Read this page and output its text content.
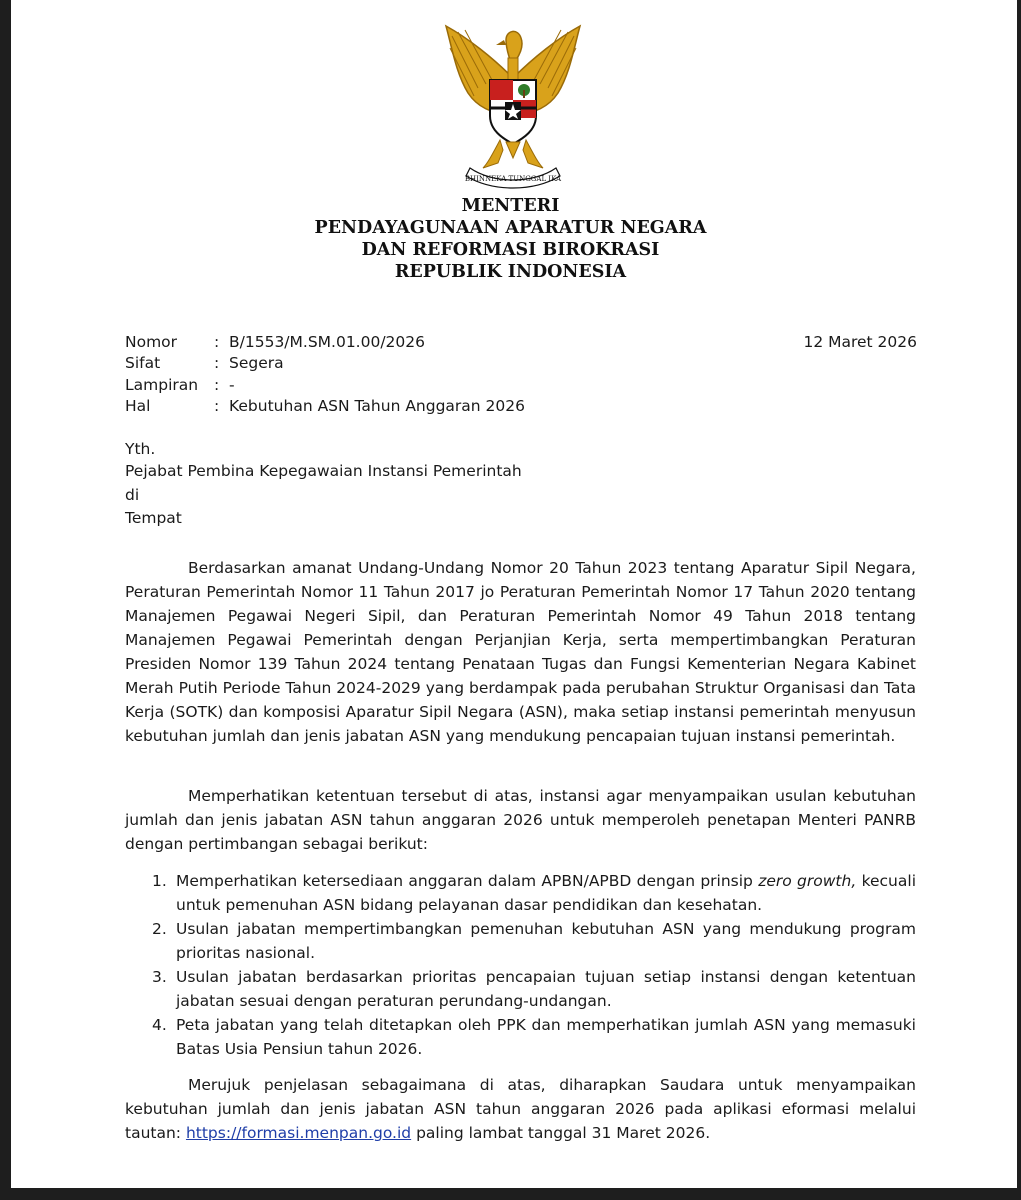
BHINNEKA TUNGGAL IKA
MENTERI
PENDAYAGUNAAN APARATUR NEGARA
DAN REFORMASI BIROKRASI
REPUBLIK INDONESIA
Nomor : B/1553/M.SM.01.00/2026
Sifat	: Segera
Lampiran : -
Hal	: Kebutuhan ASN Tahun Anggaran 2026
12 Maret 2026
Yth.
Pejabat Pembina Kepegawaian Instansi Pemerintah
di
Tempat

Berdasarkan amanat Undang-Undang Nomor 20 Tahun 2023 tentang Aparatur Sipil Negara, Peraturan Pemerintah Nomor 11 Tahun 2017 jo Peraturan Pemerintah Nomor 17 Tahun 2020 tentang Manajemen Pegawai Negeri Sipil, dan Peraturan Pemerintah Nomor 49 Tahun 2018 tentang Manajemen Pegawai Pemerintah dengan Perjanjian Kerja, serta mempertimbangkan Peraturan Presiden Nomor 139 Tahun 2024 tentang Penataan Tugas dan Fungsi Kementerian Negara Kabinet Merah Putih Periode Tahun 2024-2029 yang berdampak pada perubahan Struktur Organisasi dan Tata Kerja (SOTK) dan komposisi Aparatur Sipil Negara (ASN), maka setiap instansi pemerintah menyusun kebutuhan jumlah dan jenis jabatan ASN yang mendukung pencapaian tujuan instansi pemerintah.

Memperhatikan ketentuan tersebut di atas, instansi agar menyampaikan usulan kebutuhan jumlah dan jenis jabatan ASN tahun anggaran 2026 untuk memperoleh penetapan Menteri PANRB dengan pertimbangan sebagai berikut:

1. Memperhatikan ketersediaan anggaran dalam APBN/APBD dengan prinsip zero growth, kecuali untuk pemenuhan ASN bidang pelayanan dasar pendidikan dan kesehatan.
2. Usulan jabatan mempertimbangkan pemenuhan kebutuhan ASN yang mendukung program prioritas nasional.
3. Usulan jabatan berdasarkan prioritas pencapaian tujuan setiap instansi dengan ketentuan jabatan sesuai dengan peraturan perundang-undangan.
4. Peta jabatan yang telah ditetapkan oleh PPK dan memperhatikan jumlah ASN yang memasuki Batas Usia Pensiun tahun 2026.

Merujuk penjelasan sebagaimana di atas, diharapkan Saudara untuk menyampaikan kebutuhan jumlah dan jenis jabatan ASN tahun anggaran 2026 pada aplikasi eformasi melalui tautan: https://formasi.menpan.go.id paling lambat tanggal 31 Maret 2026.
